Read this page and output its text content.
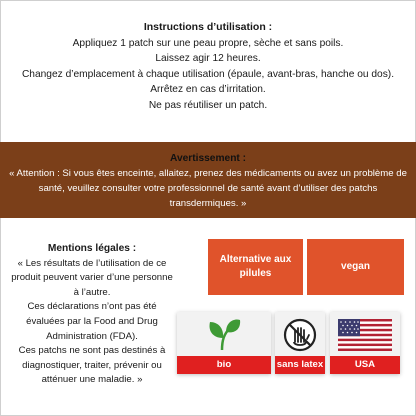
Instructions d’utilisation :
Appliquez 1 patch sur une peau propre, sèche et sans poils.
Laissez agir 12 heures.
Changez d’emplacement à chaque utilisation (épaule, avant-bras, hanche ou dos).
Arrêtez en cas d’irritation.
Ne pas réutiliser un patch.
Avertissement :
« Attention : Si vous êtes enceinte, allaitez, prenez des médicaments ou avez un problème de santé, veuillez consulter votre professionnel de santé avant d’utiliser des patchs transdermiques. »
Mentions légales :
« Les résultats de l’utilisation de ce
produit peuvent varier d’une personne
à l’autre.
Ces déclarations n’ont pas été
évaluées par la Food and Drug
Administration (FDA).
Ces patchs ne sont pas destinés à
diagnostiquer, traiter, prévenir ou
atténuer une maladie. »
Alternative aux pilules
vegan
bio	sans latex	USA
